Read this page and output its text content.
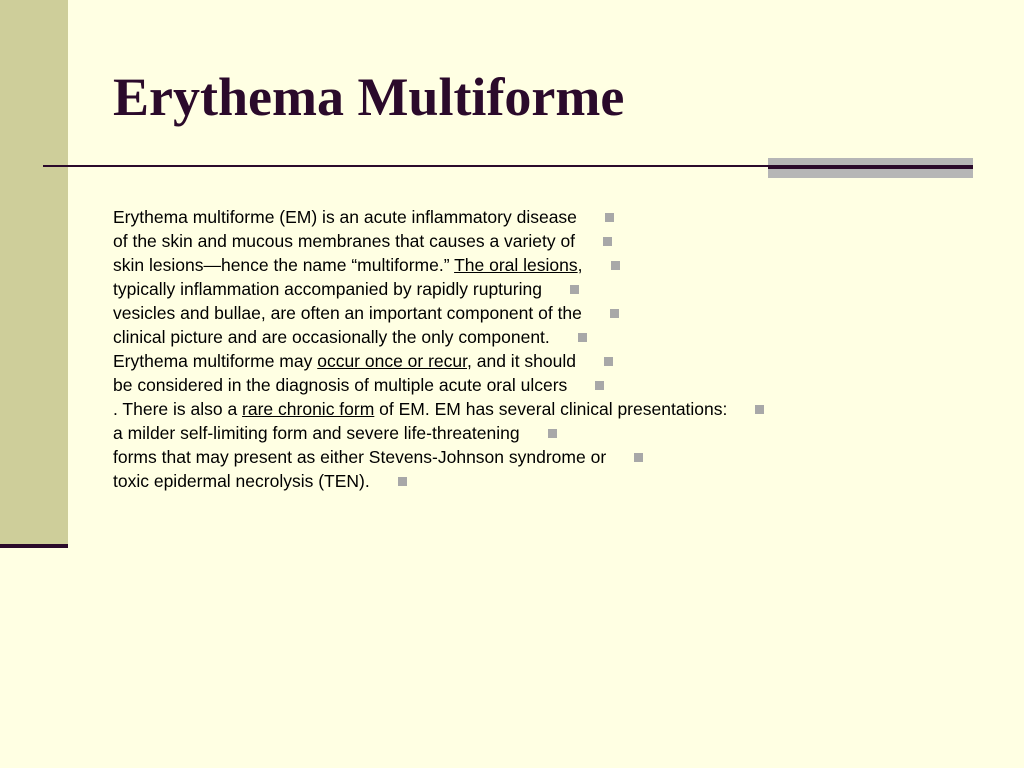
Erythema Multiforme
Erythema multiforme (EM) is an acute inflammatory disease
of the skin and mucous membranes that causes a variety of
skin lesions—hence the name “multiforme.” The oral lesions,
typically inflammation accompanied by rapidly rupturing
vesicles and bullae, are often an important component of the
clinical picture and are occasionally the only component.
Erythema multiforme may occur once or recur, and it should
be considered in the diagnosis of multiple acute oral ulcers
. There is also a rare chronic form of EM. EM has several clinical presentations:
a milder self-limiting form and severe life-threatening
forms that may present as either Stevens-Johnson syndrome or
toxic epidermal necrolysis (TEN).
